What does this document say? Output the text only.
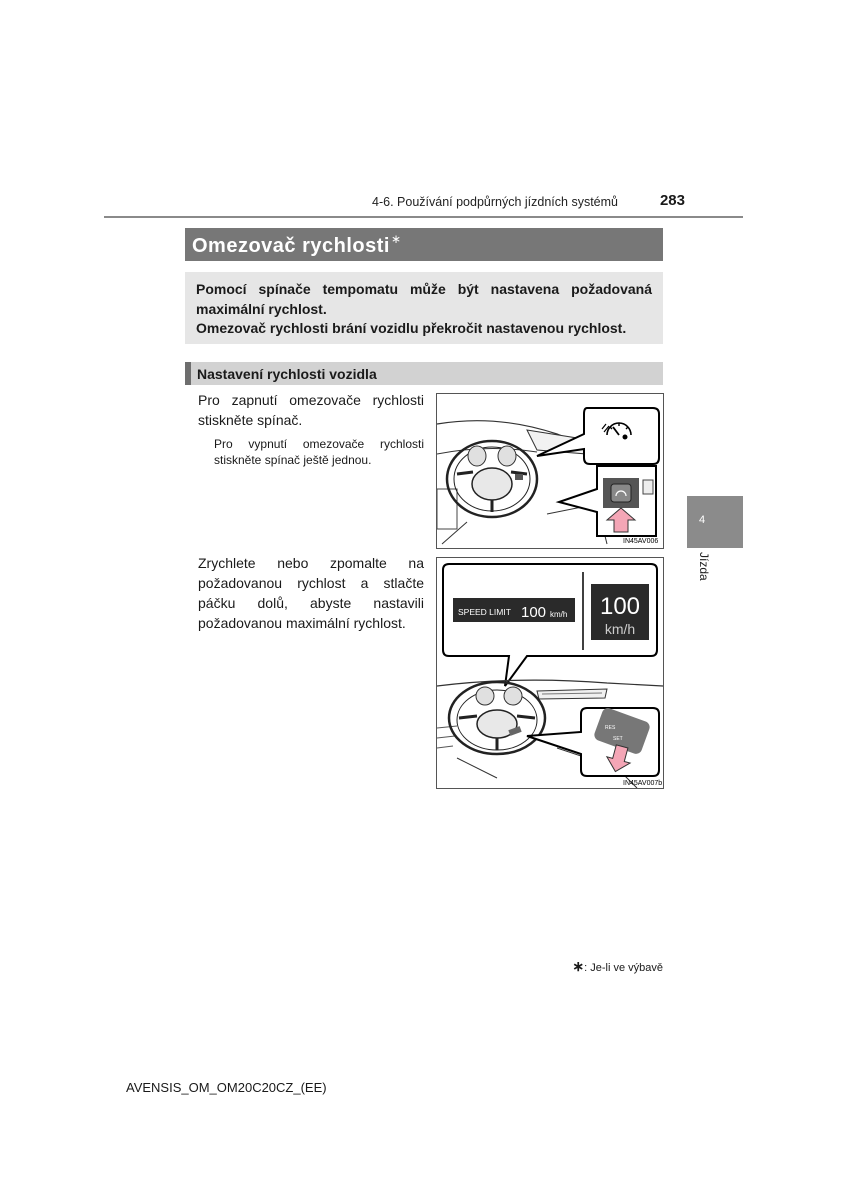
4-6. Používání podpůrných jízdních systémů	283
Omezovač rychlosti∗

Pomocí spínače tempomatu může být nastavena požadovaná maximální rychlost.

Omezovač rychlosti brání vozidlu překročit nastavenou rychlost.

Nastavení rychlosti vozidla

Pro zapnutí omezovače rychlosti stiskněte spínač.

Pro vypnutí omezovače rychlosti stiskněte spínač ještě jednou.

Zrychlete nebo zpomalte na požadovanou rychlost a stlačte páčku dolů, abyste nastavili požadovanou maximální rychlost.

IN45AV006
SPEED LIMIT 100 km/h 100
km/h
RES
SET
IN45AV007b
4
Jízda
∗: Je-li ve výbavě
AVENSIS_OM_OM20C20CZ_(EE)
